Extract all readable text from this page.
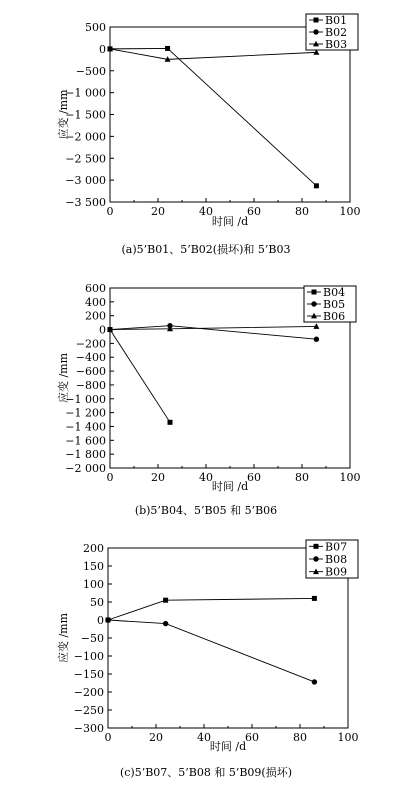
0	20	40	60	80	100
500
0
−500
−1 000
−1 500
−2 000
−2 500
−3 000
−3 500
时间 /d
应变 /mm
B01
B02
B03
(a)5’B01、5’B02(损坏)和 5’B03
0	20	40	60	80	100
600
400
200
0
−200
−400
−600
−800
−1 000
−1 200
−1 400
−1 600
−1 800
−2 000
时间 /d
应变 /mm
B04
B05
B06
(b)5’B04、5’B05 和 5’B06
0	20	40	60	80	100
200
150
100
50
0
−50
−100
−150
−200
−250
−300
时间 /d
应变 /mm
B07
B08
B09
(c)5’B07、5’B08 和 5’B09(损坏)
